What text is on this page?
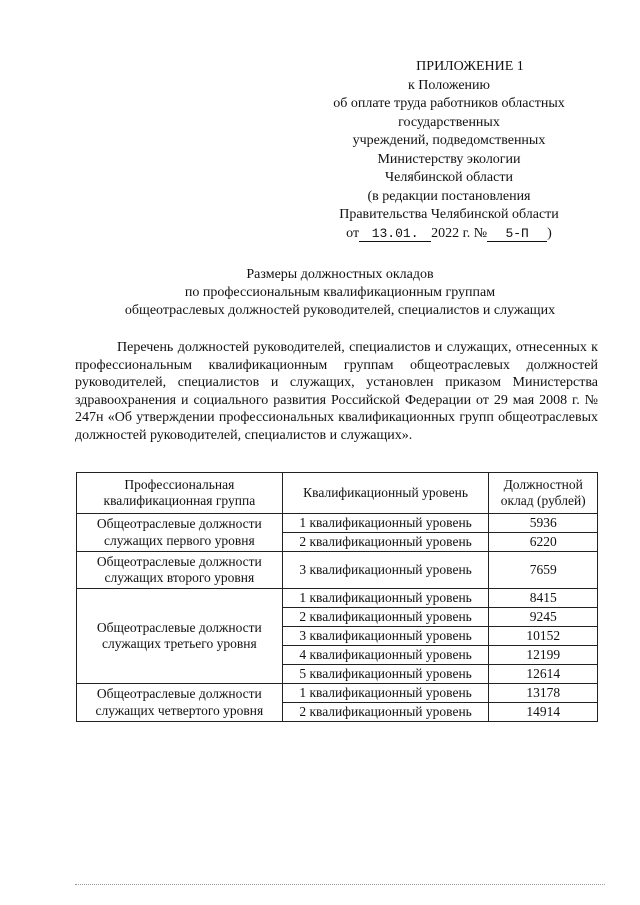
ПРИЛОЖЕНИЕ 1
к Положению
об оплате труда работников областных
государственных
учреждений, подведомственных
Министерству экологии
Челябинской области
(в редакции постановления
Правительства Челябинской области
от 13.01. 2022 г. № 5-П )
Размеры должностных окладов
по профессиональным квалификационным группам
общеотраслевых должностей руководителей, специалистов и служащих

Перечень должностей руководителей, специалистов и служащих, отнесенных к профессиональным квалификационным группам общеотраслевых должностей руководителей, специалистов и служащих, установлен приказом Министерства здравоохранения и социального развития Российской Федерации от 29 мая 2008 г. № 247н «Об утверждении профессиональных квалификационных групп общеотраслевых должностей руководителей, специалистов и служащих».

Профессиональная квалификационная группа	Квалификационный уровень	Должностной оклад (рублей)
Общеотраслевые должности служащих первого уровня	1 квалификационный уровень	5936
	2 квалификационный уровень	6220
Общеотраслевые должности служащих второго уровня	3 квалификационный уровень	7659
Общеотраслевые должности служащих третьего уровня	1 квалификационный уровень	8415
	2 квалификационный уровень	9245
	3 квалификационный уровень	10152
	4 квалификационный уровень	12199
	5 квалификационный уровень	12614
Общеотраслевые должности служащих четвертого уровня	1 квалификационный уровень	13178
	2 квалификационный уровень	14914
